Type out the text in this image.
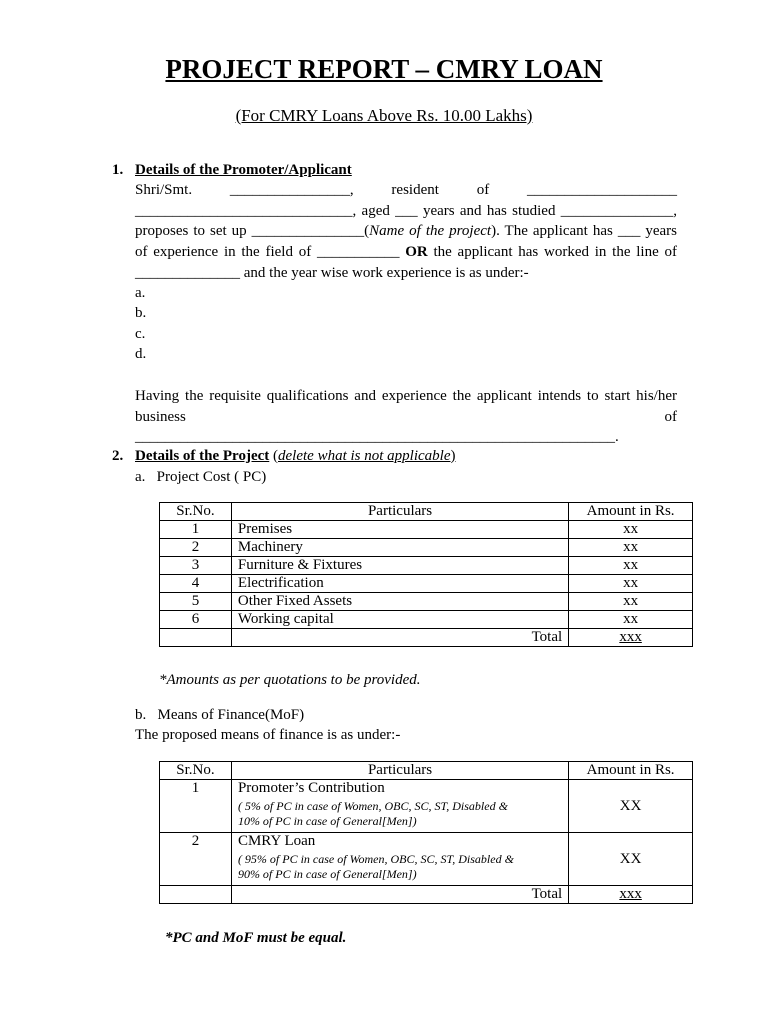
PROJECT REPORT – CMRY LOAN
(For CMRY Loans Above Rs. 10.00 Lakhs)
1. Details of the Promoter/Applicant
Shri/Smt.	________________,	resident	of	____________________
_____________________________, aged ___ years and has studied _______________,
proposes to set up _______________(Name of the project). The applicant has ___ years
of experience in the field of ___________ OR the applicant has worked in the line of
______________ and the year wise work experience is as under:-
a.
b.
c.
d.
Having the requisite qualifications and experience the applicant intends to start his/her
business of ________________________________________________________________.
2. Details of the Project (delete what is not applicable)
a.   Project Cost ( PC)
Sr.No.	Particulars	Amount in Rs.
1	Premises	xx
2	Machinery	xx
3	Furniture & Fixtures	xx
4	Electrification	xx
5	Other Fixed Assets	xx
6	Working capital	xx
	Total	xxx
*Amounts as per quotations to be provided.
b.   Means of Finance(MoF)
The proposed means of finance is as under:-
Sr.No.	Particulars	Amount in Rs.
1	Promoter’s Contribution
( 5% of PC in case of Women, OBC, SC, ST, Disabled &
10% of PC in case of General[Men])	XX
2	CMRY Loan
( 95% of PC in case of Women, OBC, SC, ST, Disabled &
90% of PC in case of General[Men])	XX
	Total	xxx
*PC and MoF must be equal.
